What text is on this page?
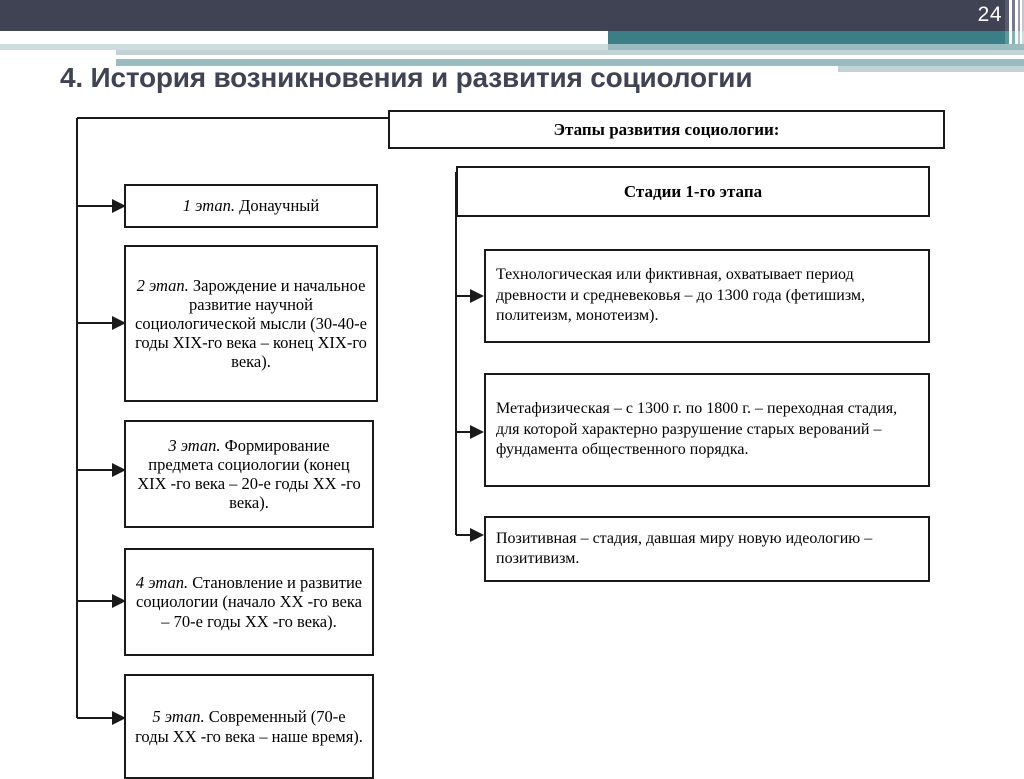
24
4. История возникновения и развития социологии
Этапы развития социологии:
Стадии 1-го этапа
1 этап. Донаучный
2 этап. Зарождение и начальное развитие научной социологической мысли (30-40-е годы XIX-го века – конец XIX-го века).
3 этап. Формирование предмета социологии (конец XIX -го века – 20-е годы XX -го века).
4 этап. Становление и развитие социологии (начало XX -го века – 70-е годы XX -го века).
5 этап. Современный (70-е годы XX -го века – наше время).
Технологическая или фиктивная, охватывает период древности и средневековья – до 1300 года (фетишизм, политеизм, монотеизм).
Метафизическая – с 1300 г. по 1800 г. – переходная стадия, для которой характерно разрушение старых верований – фундамента общественного порядка.
Позитивная – стадия, давшая миру новую идеологию – позитивизм.
